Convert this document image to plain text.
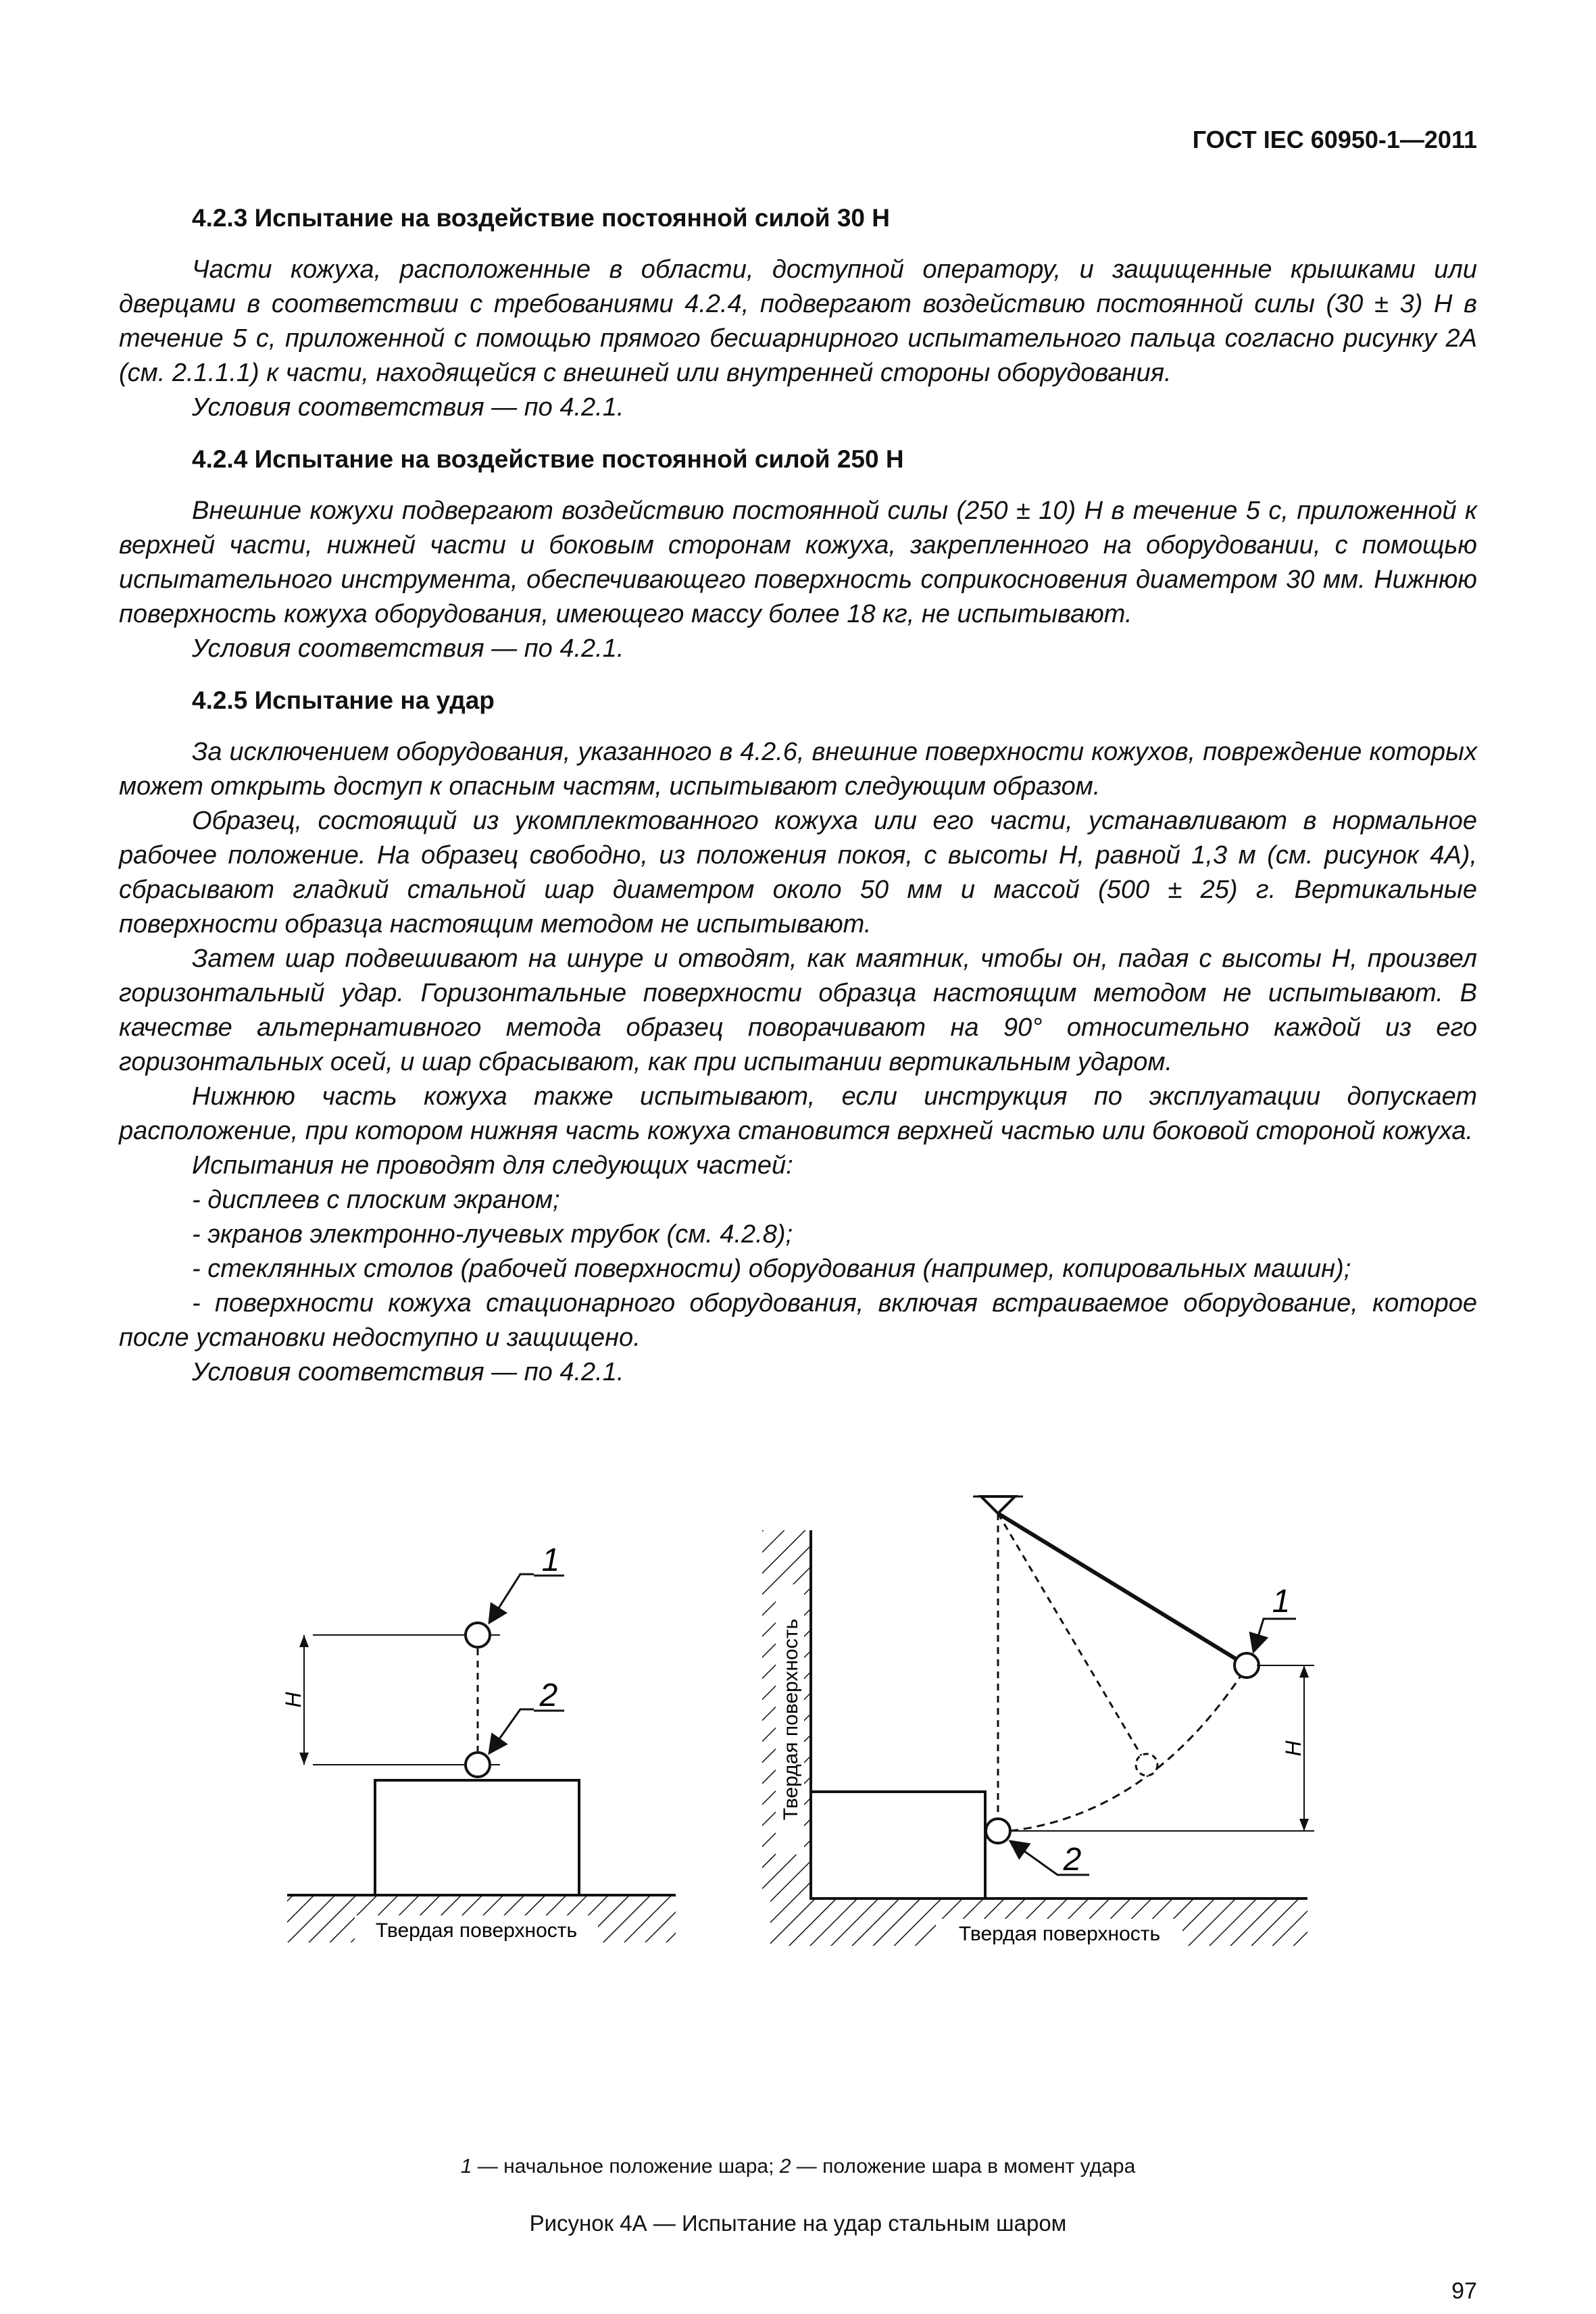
ГОСТ IEC 60950-1—2011
4.2.3 Испытание на воздействие постоянной силой 30 Н

Части кожуха, расположенные в области, доступной оператору, и защищенные крышками или дверцами в соответствии с требованиями 4.2.4, подвергают воздействию постоянной силы (30 ± 3) Н в течение 5 с, приложенной с помощью прямого бесшарнирного испытательного пальца согласно рисунку 2А (см. 2.1.1.1) к части, находящейся с внешней или внутренней стороны оборудования.

Условия соответствия — по 4.2.1.

4.2.4 Испытание на воздействие постоянной силой 250 Н

Внешние кожухи подвергают воздействию постоянной силы (250 ± 10) Н в течение 5 с, приложенной к верхней части, нижней части и боковым сторонам кожуха, закрепленного на оборудовании, с помощью испытательного инструмента, обеспечивающего поверхность соприкосновения диаметром 30 мм. Нижнюю поверхность кожуха оборудования, имеющего массу более 18 кг, не испытывают.

Условия соответствия — по 4.2.1.

4.2.5 Испытание на удар

За исключением оборудования, указанного в 4.2.6, внешние поверхности кожухов, повреждение которых может открыть доступ к опасным частям, испытывают следующим образом.

Образец, состоящий из укомплектованного кожуха или его части, устанавливают в нормальное рабочее положение. На образец свободно, из положения покоя, с высоты Н, равной 1,3 м (см. рисунок 4А), сбрасывают гладкий стальной шар диаметром около 50 мм и массой (500 ± 25) г. Вертикальные поверхности образца настоящим методом не испытывают.

Затем шар подвешивают на шнуре и отводят, как маятник, чтобы он, падая с высоты Н, произвел горизонтальный удар. Горизонтальные поверхности образца настоящим методом не испытывают. В качестве альтернативного метода образец поворачивают на 90° относительно каждой из его горизонтальных осей, и шар сбрасывают, как при испытании вертикальным ударом.

Нижнюю часть кожуха также испытывают, если инструкция по эксплуатации допускает расположение, при котором нижняя часть кожуха становится верхней частью или боковой стороной кожуха.

Испытания не проводят для следующих частей:

- дисплеев с плоским экраном;

- экранов электронно-лучевых трубок (см. 4.2.8);

- стеклянных столов (рабочей поверхности) оборудования (например, копировальных машин);

- поверхности кожуха стационарного оборудования, включая встраиваемое оборудование, которое после установки недоступно и защищено.

Условия соответствия — по 4.2.1.

Твердая поверхность
Н
1
2
Твердая поверхность
Твердая поверхность	Н
1
2
1 — начальное положение шара; 2 — положение шара в момент удара
Рисунок 4А — Испытание на удар стальным шаром
97
